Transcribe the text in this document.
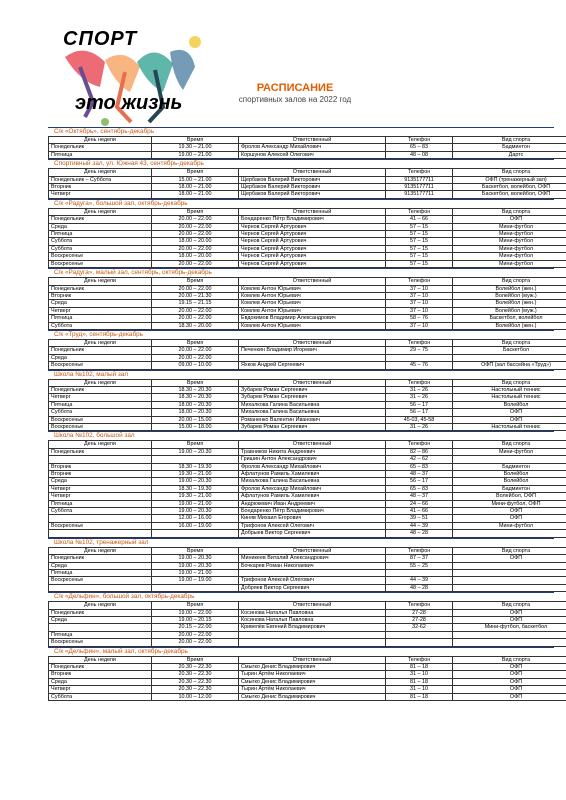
СПОРТ
это жизнь
РАСПИСАНИЕ
спортивных залов на 2022 год
С/к «Октябрь», сентябрь-декабрь
День недели	Время	Ответственный	Телефон	Вид спорта
Понедельник	19.30 – 21.00	Фролов Александр Михайлович	65 – 83	Бадминтон
Пятница	19.00 – 21.00	Коршунов Алексей Олегович	48 – 08	Дартс
Спортивный зал, ул. Южная 43, сентябрь-декабрь
День недели	Время	Ответственный	Телефон	Вид спорта
Понедельник – Суббота	15.00 – 21.00	Щербаков Валерий Викторович	9135177711	ОФП (тренажерный зал)
Вторник	18.00 – 21.00	Щербаков Валерий Викторович	9135177711	Баскетбол, волейбол, ОФП
Четверг	18.00 – 21.00	Щербаков Валерий Викторович	9135177711	Баскетбол, волейбол, ОФП
С/к «Радуга», большой зал, октябрь-декабрь
День недели	Время	Ответственный	Телефон	Вид спорта
Понедельник	20.00 – 22.00	Бондаренко Пётр Владимирович	41 – 66	ОФП
Среда	20.00 – 22.00	Чернов Сергей Артурович	57 – 15	Мини-футбол
Пятница	20.00 – 22.00	Чернов Сергей Артурович	57 – 15	Мини-футбол
Суббота	18.00 – 20.00	Чернов Сергей Артурович	57 – 15	Мини-футбол
Суббота	20.00 – 22.00	Чернов Сергей Артурович	57 – 15	Мини-футбол
Воскресенье	18.00 – 20.00	Чернов Сергей Артурович	57 – 15	Мини-футбол
Воскресенье	20.00 – 22.00	Чернов Сергей Артурович	57 – 15	Мини-футбол
С/к «Радуга», малый зал, сентябрь, октябрь-декабрь
День недели	Время	Ответственный	Телефон	Вид спорта
Понедельник	20.00 – 22.00	Комлев Антон Юрьевич	37 – 10	Волейбол (жен.)
Вторник	20.00 – 21.30	Комлев Антон Юрьевич	37 – 10	Волейбол (муж.)
Среда	19.15 – 21.15	Комлев Антон Юрьевич	37 – 10	Волейбол (жен.)
Четверг	20.00 – 22.00	Комлев Антон Юрьевич	37 – 10	Волейбол (муж.)
Пятница	20.00 – 22.00	Евдокимов Владимир Александрович	58 – 76	Баскетбол, волейбол
Суббота	18.30 – 20.00	Комлев Антон Юрьевич	37 – 10	Волейбол (жен.)
С/к «Труд», сентябрь-декабрь
День недели	Время	Ответственный	Телефон	Вид спорта
Понедельник	20.00 – 22.00	Печенкин Владимир Игоревич	29 – 75	Баскетбол
Среда	20.00 – 22.00			
Воскресенье	09.00 – 10.00	Яхков Андрей Сергеевич	45 – 76	ОФП (зал бассейна «Труд»)
Школа №102, малый зал
День недели	Время	Ответственный	Телефон	Вид спорта
Понедельник	18.30 – 20.30	Зубарев Роман Сергеевич	31 – 26	Настольный теннис
Четверг	18.30 – 20.30	Зубарев Роман Сергеевич	31 – 26	Настольный теннис
Пятница	18.00 – 20.30	Михалкова Галина Васильевна	56 – 17	Волейбол
Суббота	18.00 – 20.30	Михалкова Галина Васильевна	56 – 17	ОФП
Воскресенье	20.00 – 15.00	Романенко Валентин Иванович	45-03, 45-58	ОФП
Воскресенье	15.00 – 18.00	Зубарев Роман Сергеевич	31 – 26	Настольный теннис
Школа №102, большой зал
День недели	Время	Ответственный	Телефон	Вид спорта
Понедельник	19.00 – 20.30	Травников Никита Андреевич	82 – 86	Мини-футбол
		Гришин Антон Александрович	42 – 62	
Вторник	18.30 – 19.30	Фролов Александр Михайлович	65 – 83	Бадминтон
Вторник	19.30 – 21.00	Афлатунов Рамиль Хамилевич	48 – 37	Волейбол
Среда	19.00 – 20.30	Михалкова Галина Васильевна	56 – 17	Волейбол
Четверг	18.30 – 19.30	Фролов Александр Михайлович	65 – 83	Бадминтон
Четверг	19.30 – 21.00	Афлатунов Рамиль Хамилевич	48 – 37	Волейбол, ОФП
Пятница	19.00 – 21.00	Андрюкевич Иван Андреевич	24 – 66	Мини-футбол, ОФП
Суббота	19.00 – 20.30	Бондаренко Пётр Владимирович	41 – 66	ОФП
	12.00 – 16.00	Киняв Михаил Егорович	39 – 51	ОФП
Воскресенье	16.00 – 19.00	Трифонов Алексей Олегович	44 – 39	Мини-футбол
		Добрыев Виктор Сергеевич	48 – 28	
Школа №102, тренажерный зал
День недели	Время	Ответственный	Телефон	Вид спорта
Понедельник	19.00 – 20.30	Миникеев Виталий Александрович	87 – 37	ОФП
Среда	19.00 – 20.30	Бочкарев Роман Николаевич	55 – 25	
Пятница	19.00 – 21.00			
Воскресенье	19.00 – 19.00	Трифонов Алексей Олегович	44 – 39	
		Добряев Виктор Сергеевич	48 – 28	
С/к «Дельфин», большой зал, октябрь-декабрь
День недели	Время	Ответственный	Телефон	Вид спорта
Понедельник	19.00 – 22.00	Косинова Наталья Павловна	27-28	ОФП
Среда	19.00 – 20.15	Косинова Наталья Павловна	27-28	ОФП
	20.15 – 22.00	Кривелёв Евгений Владимирович	32-62	Мини-футбол, баскетбол
Пятница	20.00 – 22.00			
Воскресенье	20.00 – 22.00			
С/к «Дельфин», малый зал, октябрь-декабрь
День недели	Время	Ответственный	Телефон	Вид спорта
Понедельник	20.30 – 22.30	Смыгко Денис Владимирович	81 – 18	ОФП
Вторник	20.30 – 22.30	Тырин Артём Николаевич	31 – 10	ОФП
Среда	20.30 – 22.30	Смыгко Денис Владимирович	81 – 18	ОФП
Четверг	20.30 – 22.30	Тырин Артём Николаевич	31 – 10	ОФП
Суббота	10.00 – 12.00	Смыгко Денис Владимирович	81 – 18	ОФП
